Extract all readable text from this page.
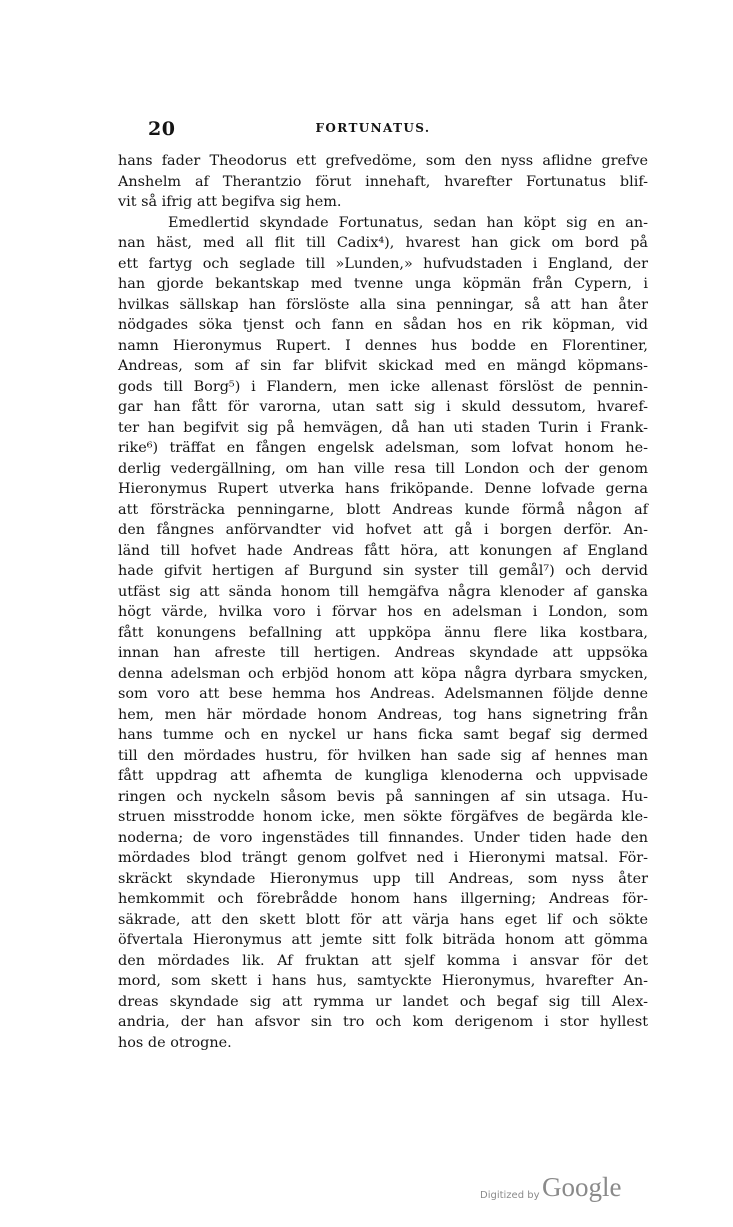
20	FORTUNATUS.
hans fader Theodorus ett grefvedöme, som den nyss aflidne grefve
Anshelm af Therantzio förut innehaft, hvarefter Fortunatus blif-
vit så ifrig att begifva sig hem.
Emedlertid skyndade Fortunatus, sedan han köpt sig en an-
nan häst, med all flit till Cadix⁴), hvarest han gick om bord på
ett fartyg och seglade till »Lunden,» hufvudstaden i England, der
han gjorde bekantskap med tvenne unga köpmän från Cypern, i
hvilkas sällskap han förslöste alla sina penningar, så att han åter
nödgades söka tjenst och fann en sådan hos en rik köpman, vid
namn Hieronymus Rupert. I dennes hus bodde en Florentiner,
Andreas, som af sin far blifvit skickad med en mängd köpmans-
gods till Borg⁵) i Flandern, men icke allenast förslöst de pennin-
gar han fått för varorna, utan satt sig i skuld dessutom, hvaref-
ter han begifvit sig på hemvägen, då han uti staden Turin i Frank-
rike⁶) träffat en fången engelsk adelsman, som lofvat honom he-
derlig vedergällning, om han ville resa till London och der genom
Hieronymus Rupert utverka hans friköpande. Denne lofvade gerna
att försträcka penningarne, blott Andreas kunde förmå någon af
den fångnes anförvandter vid hofvet att gå i borgen derför. An-
länd till hofvet hade Andreas fått höra, att konungen af England
hade gifvit hertigen af Burgund sin syster till gemål⁷) och dervid
utfäst sig att sända honom till hemgäfva några klenoder af ganska
högt värde, hvilka voro i förvar hos en adelsman i London, som
fått konungens befallning att uppköpa ännu flere lika kostbara,
innan han afreste till hertigen. Andreas skyndade att uppsöka
denna adelsman och erbjöd honom att köpa några dyrbara smycken,
som voro att bese hemma hos Andreas. Adelsmannen följde denne
hem, men här mördade honom Andreas, tog hans signetring från
hans tumme och en nyckel ur hans ficka samt begaf sig dermed
till den mördades hustru, för hvilken han sade sig af hennes man
fått uppdrag att afhemta de kungliga klenoderna och uppvisade
ringen och nyckeln såsom bevis på sanningen af sin utsaga. Hu-
struen misstrodde honom icke, men sökte förgäfves de begärda kle-
noderna; de voro ingenstädes till finnandes. Under tiden hade den
mördades blod trängt genom golfvet ned i Hieronymi matsal. För-
skräckt skyndade Hieronymus upp till Andreas, som nyss åter
hemkommit och förebrådde honom hans illgerning; Andreas för-
säkrade, att den skett blott för att värja hans eget lif och sökte
öfvertala Hieronymus att jemte sitt folk biträda honom att gömma
den mördades lik. Af fruktan att sjelf komma i ansvar för det
mord, som skett i hans hus, samtyckte Hieronymus, hvarefter An-
dreas skyndade sig att rymma ur landet och begaf sig till Alex-
andria, der han afsvor sin tro och kom derigenom i stor hyllest
hos de otrogne.
Digitized by Google
